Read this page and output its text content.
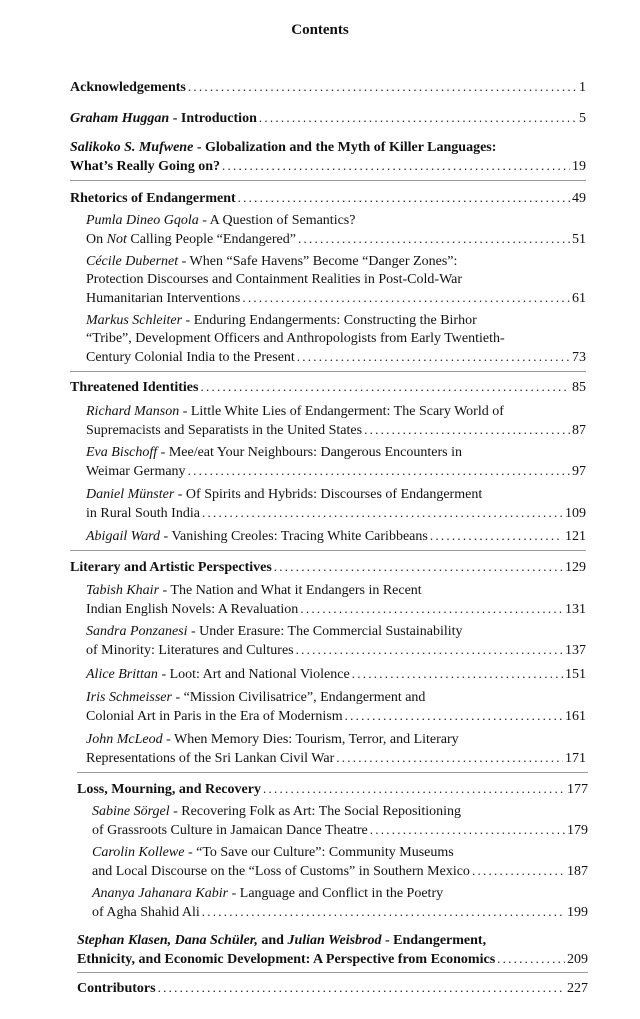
Contents
Acknowledgements . . .	1
Graham Huggan - Introduction . . .	5
Salikoko S. Mufwene - Globalization and the Myth of Killer Languages:
What’s Really Going on? . . .	19
Rhetorics of Endangerment . . .	49
Pumla Dineo Gqola - A Question of Semantics?
On Not Calling People “Endangered” . . .	51
Cécile Dubernet - When “Safe Havens” Become “Danger Zones”:
Protection Discourses and Containment Realities in Post-Cold-War
Humanitarian Interventions . . .	61
Markus Schleiter - Enduring Endangerments: Constructing the Birhor
“Tribe”, Development Officers and Anthropologists from Early Twentieth-
Century Colonial India to the Present . . .	73
Threatened Identities . . .	85
Richard Manson - Little White Lies of Endangerment: The Scary World of
Supremacists and Separatists in the United States . . .	87
Eva Bischoff - Mee/eat Your Neighbours: Dangerous Encounters in
Weimar Germany . . .	97
Daniel Münster - Of Spirits and Hybrids: Discourses of Endangerment
in Rural South India . . .	109
Abigail Ward - Vanishing Creoles: Tracing White Caribbeans . . .	121
Literary and Artistic Perspectives . . .	129
Tabish Khair - The Nation and What it Endangers in Recent
Indian English Novels: A Revaluation . . .	131
Sandra Ponzanesi - Under Erasure: The Commercial Sustainability
of Minority: Literatures and Cultures . . .	137
Alice Brittan - Loot: Art and National Violence . . .	151
Iris Schmeisser - “Mission Civilisatrice”, Endangerment and
Colonial Art in Paris in the Era of Modernism . . .	161
John McLeod - When Memory Dies: Tourism, Terror, and Literary
Representations of the Sri Lankan Civil War . . .	171
Loss, Mourning, and Recovery . . .	177
Sabine Sörgel - Recovering Folk as Art: The Social Repositioning
of Grassroots Culture in Jamaican Dance Theatre . . .	179
Carolin Kollewe - “To Save our Culture”: Community Museums
and Local Discourse on the “Loss of Customs” in Southern Mexico . . .	187
Ananya Jahanara Kabir - Language and Conflict in the Poetry
of Agha Shahid Ali . . .	199
Stephan Klasen, Dana Schüler, and Julian Weisbrod - Endangerment,
Ethnicity, and Economic Development: A Perspective from Economics . . .	209
Contributors . . .	227
